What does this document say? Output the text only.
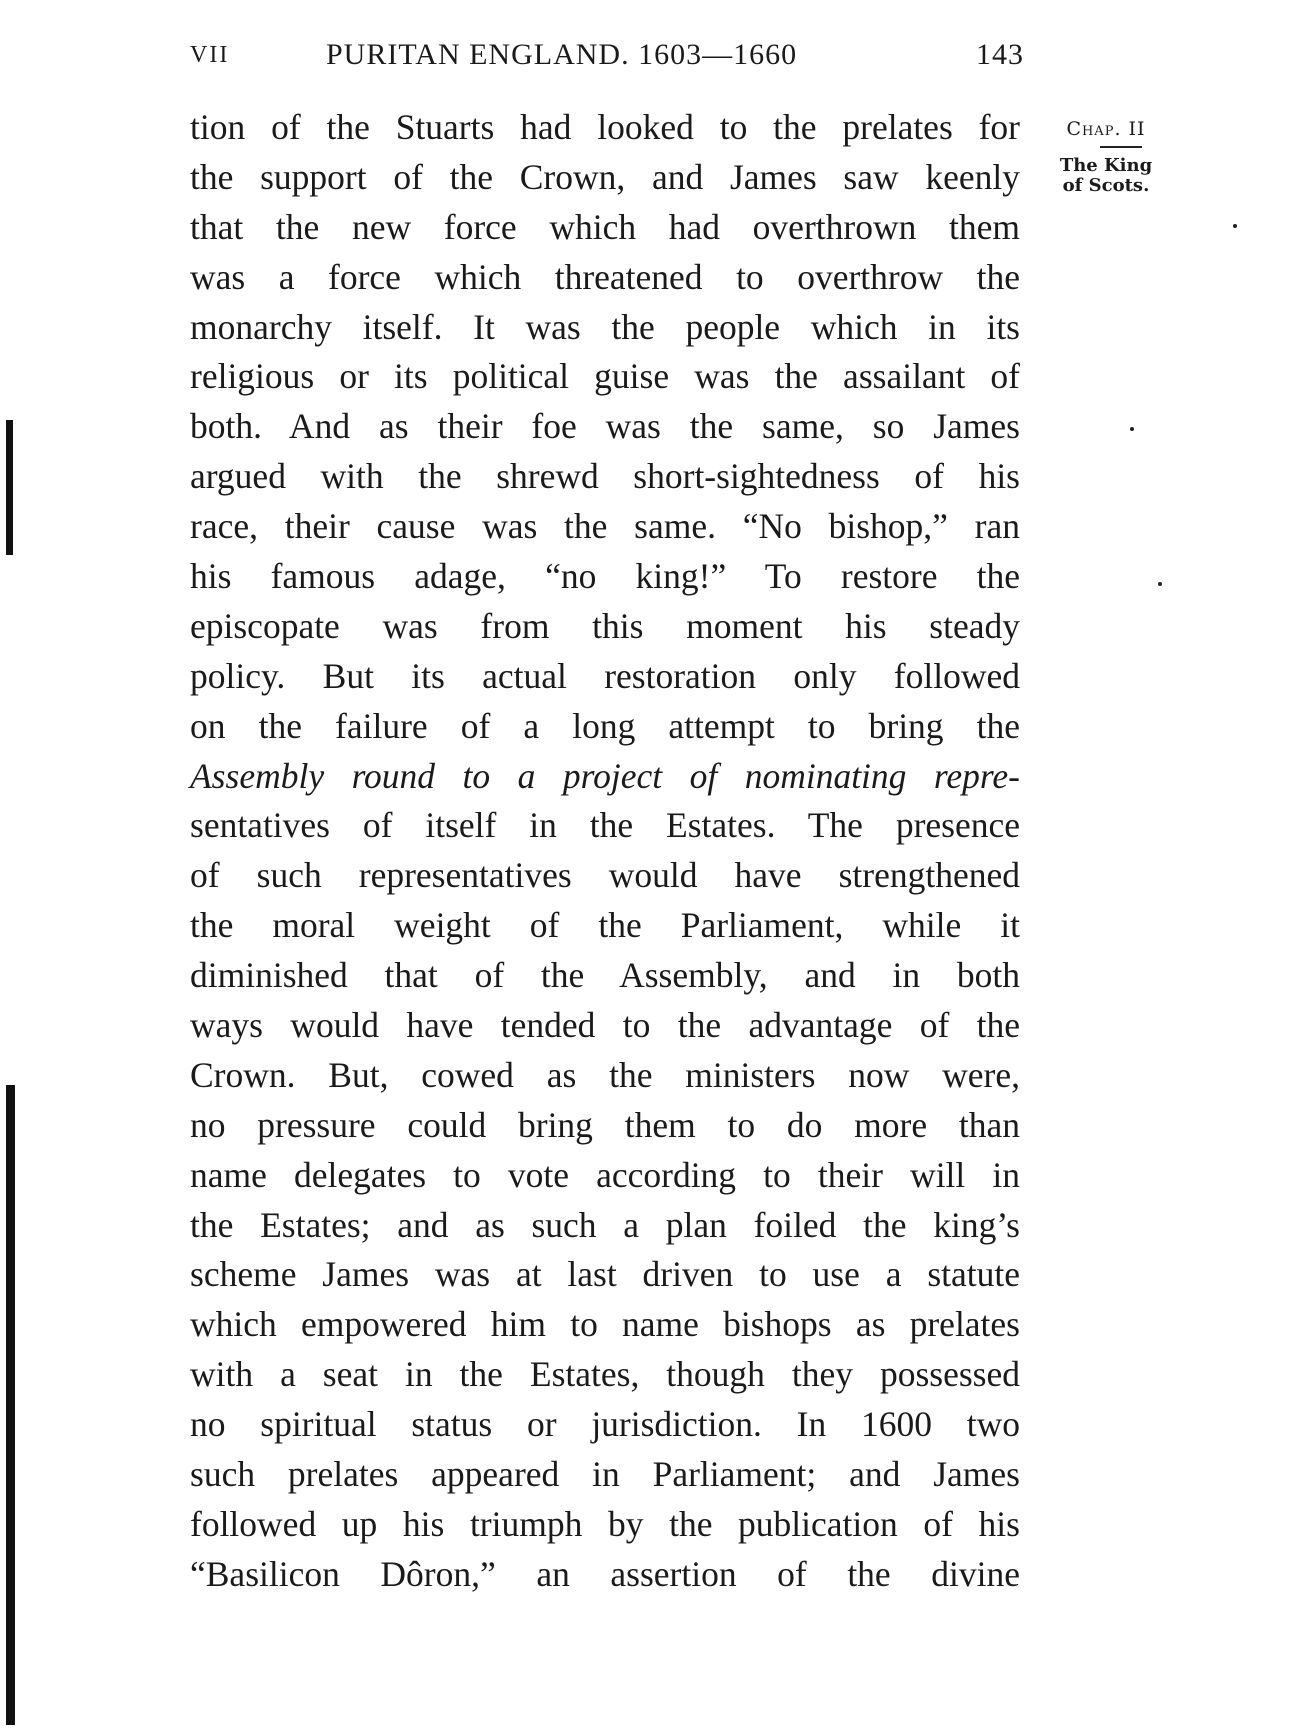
VII	PURITAN ENGLAND. 1603—1660	143
Chap. II
The King
of Scots.
tion of the Stuarts had looked to the prelates for
the support of the Crown, and James saw keenly
that the new force which had overthrown them
was a force which threatened to overthrow the
monarchy itself. It was the people which in its
religious or its political guise was the assailant of
both. And as their foe was the same, so James
argued with the shrewd short-sightedness of his
race, their cause was the same. “No bishop,” ran
his famous adage, “no king!” To restore the
episcopate was from this moment his steady
policy. But its actual restoration only followed
on the failure of a long attempt to bring the
Assembly round to a project of nominating repre-
sentatives of itself in the Estates. The presence
of such representatives would have strengthened
the moral weight of the Parliament, while it
diminished that of the Assembly, and in both
ways would have tended to the advantage of the
Crown. But, cowed as the ministers now were,
no pressure could bring them to do more than
name delegates to vote according to their will in
the Estates; and as such a plan foiled the king’s
scheme James was at last driven to use a statute
which empowered him to name bishops as prelates
with a seat in the Estates, though they possessed
no spiritual status or jurisdiction. In 1600 two
such prelates appeared in Parliament; and James
followed up his triumph by the publication of his
“Basilicon Dôron,” an assertion of the divine
